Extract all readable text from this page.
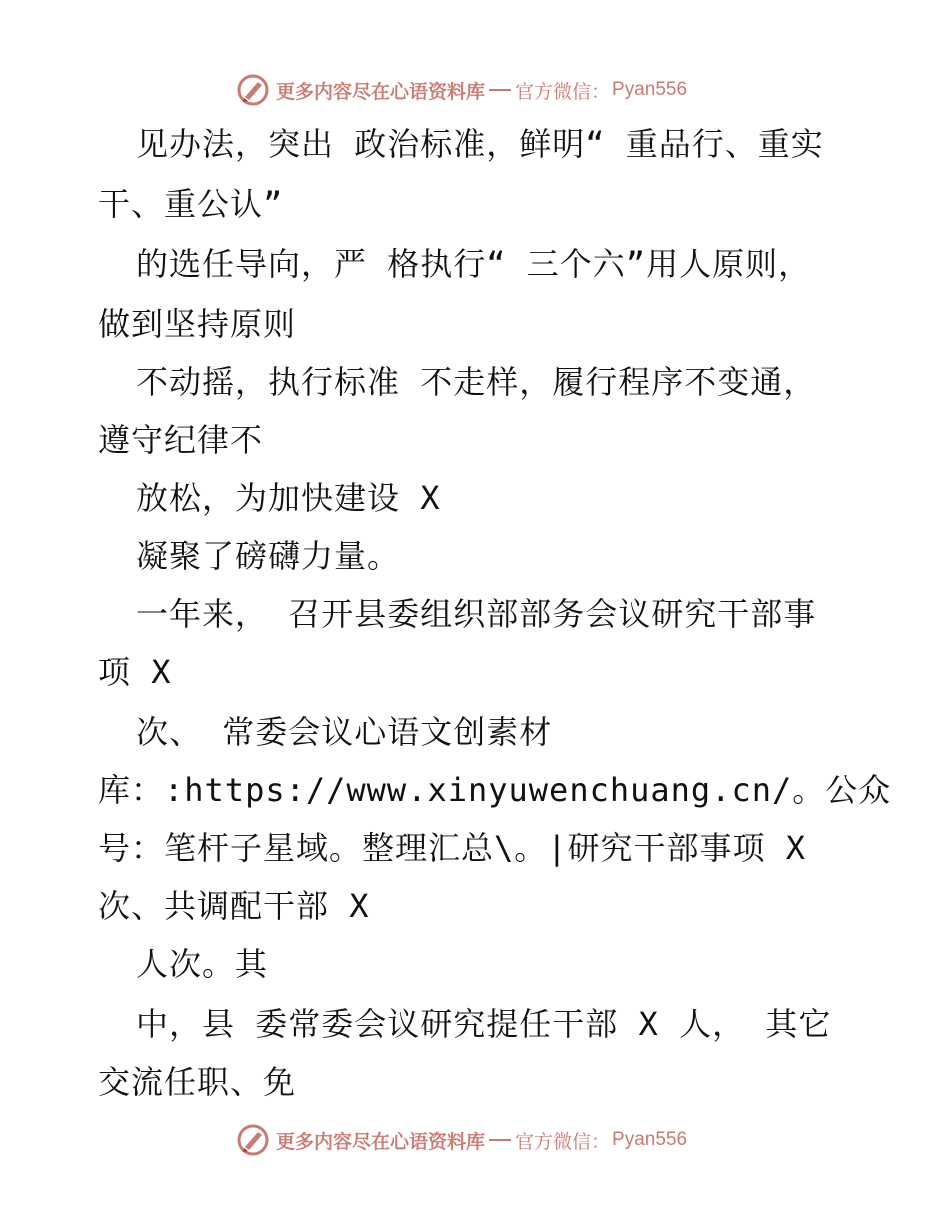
更多内容尽在心语资料库 官方微信： Pyan556
见办法，突出 政治标准，鲜明“ 重品行、重实
干、重公认”
的选任导向，严 格执行“ 三个六”用人原则，
做到坚持原则
不动摇，执行标准 不走样，履行程序不变通，
遵守纪律不
放松，为加快建设 X
凝聚了磅礴力量。
一年来， 召开县委组织部部务会议研究干部事
项 X
次、 常委会议心语文创素材
库：:https://www.xinyuwenchuang.cn/。公众
号：笔杆子星域。整理汇总\。|研究干部事项 X
次、共调配干部 X
人次。其
中，县 委常委会议研究提任干部 X 人， 其它
交流任职、免
更多内容尽在心语资料库 官方微信： Pyan556
